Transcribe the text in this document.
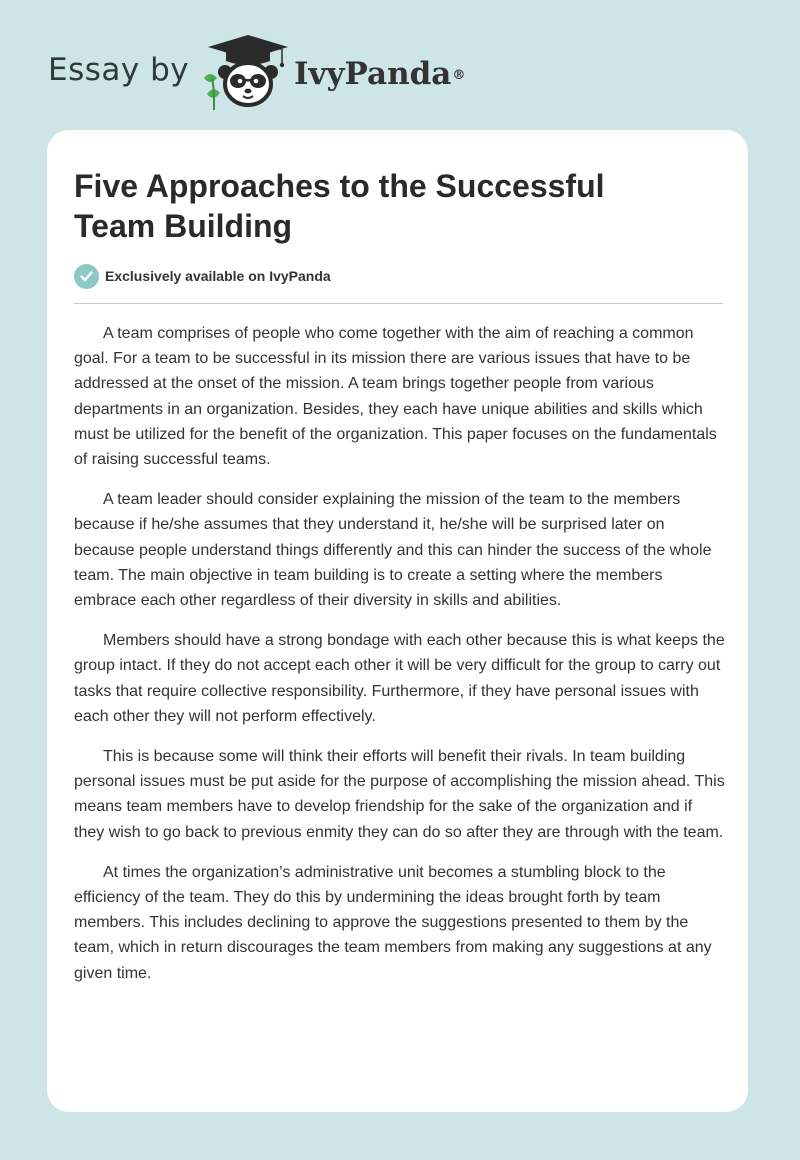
Essay by	IvyPanda®
Five Approaches to the Successful Team Building
Exclusively available on IvyPanda

A team comprises of people who come together with the aim of reaching a common goal. For a team to be successful in its mission there are various issues that have to be addressed at the onset of the mission. A team brings together people from various departments in an organization. Besides, they each have unique abilities and skills which must be utilized for the benefit of the organization. This paper focuses on the fundamentals of raising successful teams.

A team leader should consider explaining the mission of the team to the members because if he/she assumes that they understand it, he/she will be surprised later on because people understand things differently and this can hinder the success of the whole team. The main objective in team building is to create a setting where the members embrace each other regardless of their diversity in skills and abilities.

Members should have a strong bondage with each other because this is what keeps the group intact. If they do not accept each other it will be very difficult for the group to carry out tasks that require collective responsibility. Furthermore, if they have personal issues with each other they will not perform effectively.

This is because some will think their efforts will benefit their rivals. In team building personal issues must be put aside for the purpose of accomplishing the mission ahead. This means team members have to develop friendship for the sake of the organization and if they wish to go back to previous enmity they can do so after they are through with the team.

At times the organization’s administrative unit becomes a stumbling block to the efficiency of the team. They do this by undermining the ideas brought forth by team members. This includes declining to approve the suggestions presented to them by the team, which in return discourages the team members from making any suggestions at any given time.
